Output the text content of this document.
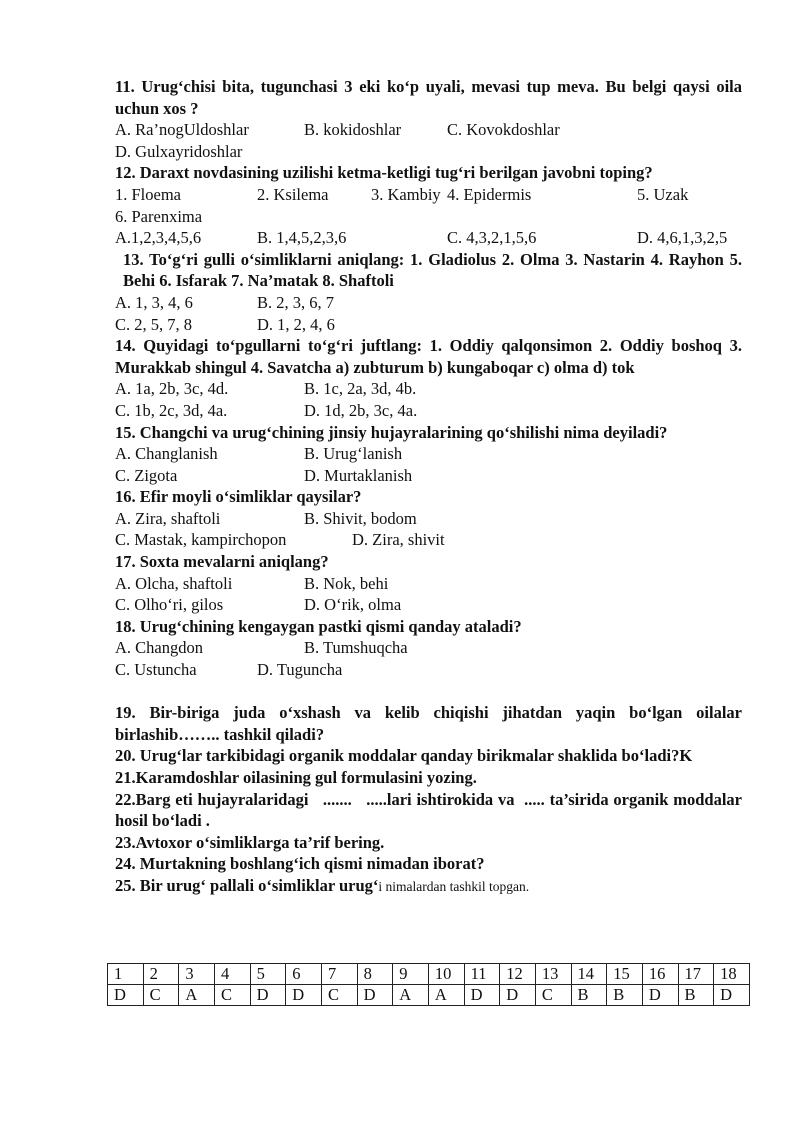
11. Urug‘chisi bita, tugunchasi 3 eki ko‘p uyali, mevasi tup meva. Bu belgi qaysi oila uchun xos ?
A. Ra’nogUldoshlar	B. kokidoshlar	C. Kovokdoshlar
D. Gulxayridoshlar
12. Daraxt novdasining uzilishi ketma-ketligi tug‘ri berilgan javobni toping?
1. Floema	2. Ksilema	3. Kambiy 4. Epidermis	5. Uzak
6. Parenxima
A.1,2,3,4,5,6	B. 1,4,5,2,3,6	C. 4,3,2,1,5,6	D. 4,6,1,3,2,5
13. To‘g‘ri gulli o‘simliklarni aniqlang: 1. Gladiolus 2. Olma 3. Nastarin 4. Rayhon 5. Behi 6. Isfarak 7. Na’matak 8. Shaftoli
A. 1, 3, 4, 6	B. 2, 3, 6, 7
C. 2, 5, 7, 8	D. 1, 2, 4, 6
14. Quyidagi to‘pgullarni to‘g‘ri juftlang: 1. Oddiy qalqonsimon 2. Oddiy boshoq 3. Murakkab shingul 4. Savatcha a) zubturum b) kungaboqar c) olma d) tok
A. 1a, 2b, 3c, 4d.	B. 1c, 2a, 3d, 4b.
C. 1b, 2c, 3d, 4a.	D. 1d, 2b, 3c, 4a.
15. Changchi va urug‘chining jinsiy hujayralarining qo‘shilishi nima deyiladi?
A. Changlanish	B. Urug‘lanish
C. Zigota	D. Murtaklanish
16. Efir moyli o‘simliklar qaysilar?
A. Zira, shaftoli	B. Shivit, bodom
C. Mastak, kampirchopon	D. Zira, shivit
17. Soxta mevalarni aniqlang?
A. Olcha, shaftoli	B. Nok, behi
C. Olho‘ri, gilos	D. O‘rik, olma
18. Urug‘chining kengaygan pastki qismi qanday ataladi?
A. Changdon	B. Tumshuqcha
C. Ustuncha	D. Tuguncha
19. Bir-biriga juda o‘xshash va kelib chiqishi jihatdan yaqin bo‘lgan oilalar birlashib…….. tashkil qiladi?
20. Urug‘lar tarkibidagi organik moddalar qanday birikmalar shaklida bo‘ladi?K
21.Karamdoshlar oilasining gul formulasini yozing.
22.Barg eti hujayralaridagi   .......   .....lari ishtirokida va  ..... ta’sirida organik moddalar hosil bo‘ladi .
23.Avtoxor o‘simliklarga ta’rif bering.
24. Murtakning boshlang‘ich qismi nimadan iborat?
25. Bir urug‘ pallali o‘simliklar urug‘i nimalardan tashkil topgan.
1	2	3	4	5	6	7	8	9	10	11	12	13	14	15	16	17	18
D	C	A	C	D	D	C	D	A	A	D	D	C	B	B	D	B	D
